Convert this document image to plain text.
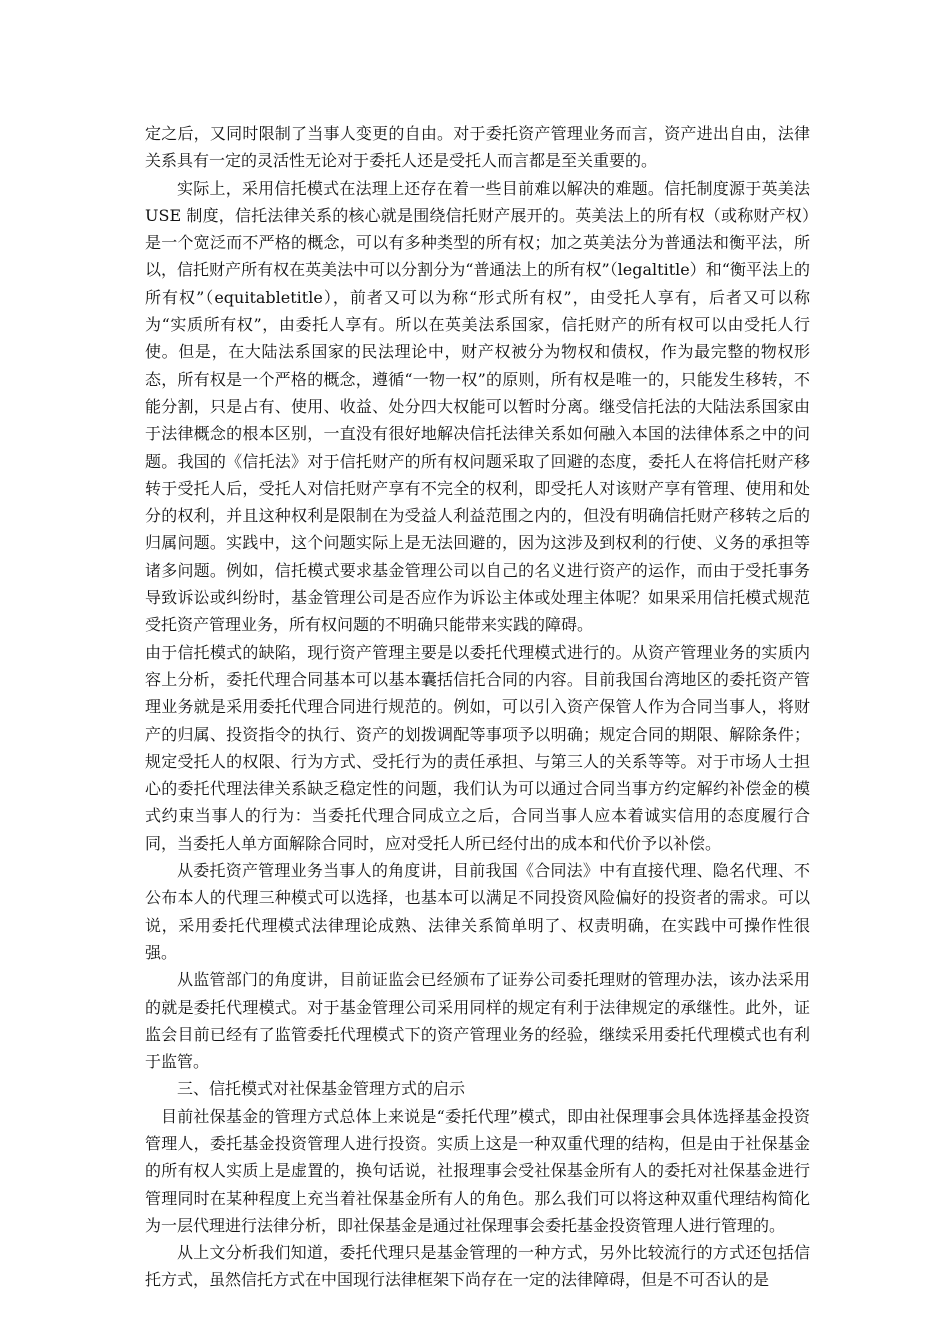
定之后，又同时限制了当事人变更的自由。对于委托资产管理业务而言，资产进出自由，法律关系具有一定的灵活性无论对于委托人还是受托人而言都是至关重要的。

实际上，采用信托模式在法理上还存在着一些目前难以解决的难题。信托制度源于英美法 USE 制度，信托法律关系的核心就是围绕信托财产展开的。英美法上的所有权（或称财产权）是一个宽泛而不严格的概念，可以有多种类型的所有权；加之英美法分为普通法和衡平法，所以，信托财产所有权在英美法中可以分割分为“普通法上的所有权”（legaltitle）和“衡平法上的所有权”（equitabletitle），前者又可以为称“形式所有权”，由受托人享有，后者又可以称为“实质所有权”，由委托人享有。所以在英美法系国家，信托财产的所有权可以由受托人行使。但是，在大陆法系国家的民法理论中，财产权被分为物权和债权，作为最完整的物权形态，所有权是一个严格的概念，遵循“一物一权”的原则，所有权是唯一的，只能发生移转，不能分割，只是占有、使用、收益、处分四大权能可以暂时分离。继受信托法的大陆法系国家由于法律概念的根本区别，一直没有很好地解决信托法律关系如何融入本国的法律体系之中的问题。我国的《信托法》对于信托财产的所有权问题采取了回避的态度，委托人在将信托财产移转于受托人后，受托人对信托财产享有不完全的权利，即受托人对该财产享有管理、使用和处分的权利，并且这种权利是限制在为受益人利益范围之内的，但没有明确信托财产移转之后的归属问题。实践中，这个问题实际上是无法回避的，因为这涉及到权利的行使、义务的承担等诸多问题。例如，信托模式要求基金管理公司以自己的名义进行资产的运作，而由于受托事务导致诉讼或纠纷时，基金管理公司是否应作为诉讼主体或处理主体呢？如果采用信托模式规范受托资产管理业务，所有权问题的不明确只能带来实践的障碍。

由于信托模式的缺陷，现行资产管理主要是以委托代理模式进行的。从资产管理业务的实质内容上分析，委托代理合同基本可以基本囊括信托合同的内容。目前我国台湾地区的委托资产管理业务就是采用委托代理合同进行规范的。例如，可以引入资产保管人作为合同当事人，将财产的归属、投资指令的执行、资产的划拨调配等事项予以明确；规定合同的期限、解除条件；规定受托人的权限、行为方式、受托行为的责任承担、与第三人的关系等等。对于市场人士担心的委托代理法律关系缺乏稳定性的问题，我们认为可以通过合同当事方约定解约补偿金的模式约束当事人的行为：当委托代理合同成立之后，合同当事人应本着诚实信用的态度履行合同，当委托人单方面解除合同时，应对受托人所已经付出的成本和代价予以补偿。

从委托资产管理业务当事人的角度讲，目前我国《合同法》中有直接代理、隐名代理、不公布本人的代理三种模式可以选择，也基本可以满足不同投资风险偏好的投资者的需求。可以说，采用委托代理模式法律理论成熟、法律关系简单明了、权责明确，在实践中可操作性很强。

从监管部门的角度讲，目前证监会已经颁布了证券公司委托理财的管理办法，该办法采用的就是委托代理模式。对于基金管理公司采用同样的规定有利于法律规定的承继性。此外，证监会目前已经有了监管委托代理模式下的资产管理业务的经验，继续采用委托代理模式也有利于监管。

三、信托模式对社保基金管理方式的启示

目前社保基金的管理方式总体上来说是“委托代理”模式，即由社保理事会具体选择基金投资管理人，委托基金投资管理人进行投资。实质上这是一种双重代理的结构，但是由于社保基金的所有权人实质上是虚置的，换句话说，社报理事会受社保基金所有人的委托对社保基金进行管理同时在某种程度上充当着社保基金所有人的角色。那么我们可以将这种双重代理结构简化为一层代理进行法律分析，即社保基金是通过社保理事会委托基金投资管理人进行管理的。

从上文分析我们知道，委托代理只是基金管理的一种方式，另外比较流行的方式还包括信托方式，虽然信托方式在中国现行法律框架下尚存在一定的法律障碍，但是不可否认的是
